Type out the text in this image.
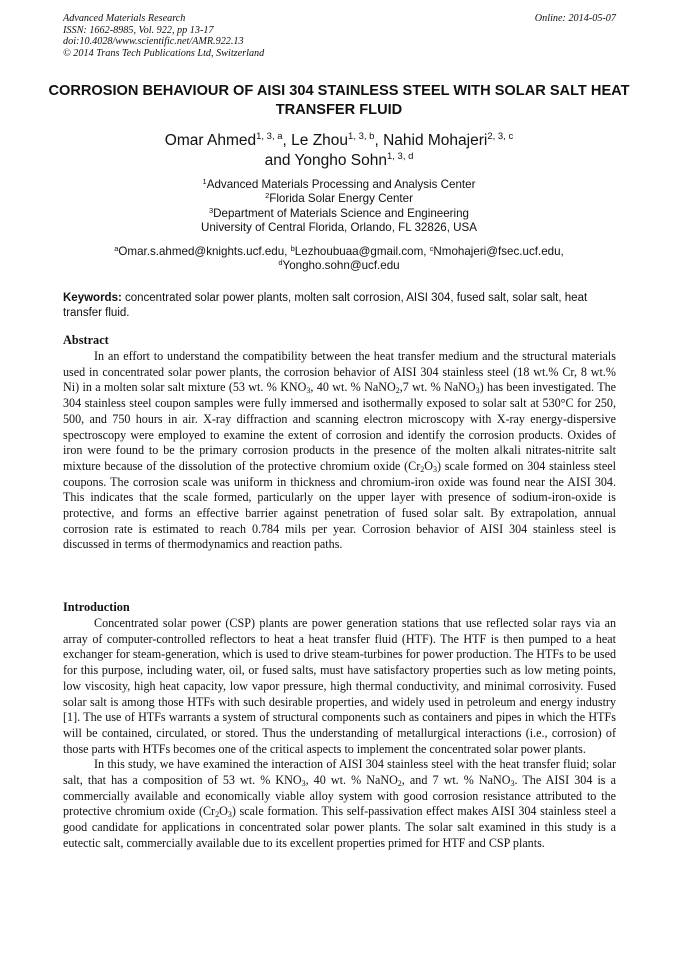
Advanced Materials Research
ISSN: 1662-8985, Vol. 922, pp 13-17
doi:10.4028/www.scientific.net/AMR.922.13
© 2014 Trans Tech Publications Ltd, Switzerland
Online: 2014-05-07
CORROSION BEHAVIOUR OF AISI 304 STAINLESS STEEL WITH SOLAR SALT HEAT TRANSFER FLUID
Omar Ahmed$^{1, 3, a}$, Le Zhou$^{1, 3, b}$, Nahid Mohajeri$^{2, 3, c}$
and Yongho Sohn$^{1, 3, d}$
$^1$Advanced Materials Processing and Analysis Center
$^2$Florida Solar Energy Center
$^3$Department of Materials Science and Engineering
University of Central Florida, Orlando, FL 32826, USA
$^a$Omar.s.ahmed@knights.ucf.edu, $^b$Lezhoubuaa@gmail.com, $^c$Nmohajeri@fsec.ucf.edu,
$^d$Yongho.sohn@ucf.edu
Keywords: concentrated solar power plants, molten salt corrosion, AISI 304, fused salt, solar salt, heat transfer fluid.
Abstract

In an effort to understand the compatibility between the heat transfer medium and the structural materials used in concentrated solar power plants, the corrosion behavior of AISI 304 stainless steel (18 wt.% Cr, 8 wt.% Ni) in a molten solar salt mixture (53 wt. % $KNO_3$, 40 wt. % NaNO$_2$,7 wt. % NaNO$_3$) has been investigated. The 304 stainless steel coupon samples were fully immersed and isothermally exposed to solar salt at 530°C for 250, 500, and 750 hours in air. X-ray diffraction and scanning electron microscopy with X-ray energy-dispersive spectroscopy were employed to examine the extent of corrosion and identify the corrosion products. Oxides of iron were found to be the primary corrosion products in the presence of the molten alkali nitrates-nitrite salt mixture because of the dissolution of the protective chromium oxide $(Cr_2O_3)$ scale formed on 304 stainless steel coupons. The corrosion scale was uniform in thickness and chromium-iron oxide was found near the AISI 304. This indicates that the scale formed, particularly on the upper layer with presence of sodium-iron-oxide is protective, and forms an effective barrier against penetration of fused solar salt. By extrapolation, annual corrosion rate is estimated to reach 0.784 mils per year. Corrosion behavior of AISI 304 stainless steel is discussed in terms of thermodynamics and reaction paths.

Introduction

Concentrated solar power (CSP) plants are power generation stations that use reflected solar rays via an array of computer-controlled reflectors to heat a heat transfer fluid (HTF). The HTF is then pumped to a heat exchanger for steam-generation, which is used to drive steam-turbines for power production. The HTFs to be used for this purpose, including water, oil, or fused salts, must have satisfactory properties such as low meting points, low viscosity, high heat capacity, low vapor pressure, high thermal conductivity, and minimal corrosivity. Fused solar salt is among those HTFs with such desirable properties, and widely used in petroleum and energy industry [1]. The use of HTFs warrants a system of structural components such as containers and pipes in which the HTFs will be contained, circulated, or stored. Thus the understanding of metallurgical interactions (i.e., corrosion) of those parts with HTFs becomes one of the critical aspects to implement the concentrated solar power plants.

In this study, we have examined the interaction of AISI 304 stainless steel with the heat transfer fluid; solar salt, that has a composition of 53 wt. % $KNO_3$, 40 wt. % NaNO$_2$, and 7 wt. % NaNO$_3$. The AISI 304 is a commercially available and economically viable alloy system with good corrosion resistance attributed to the protective chromium oxide $(Cr_2O_3)$ scale formation. This self-passivation effect makes AISI 304 stainless steel a good candidate for applications in concentrated solar power plants. The solar salt examined in this study is a eutectic salt, commercially available due to its excellent properties primed for HTF and CSP plants.
